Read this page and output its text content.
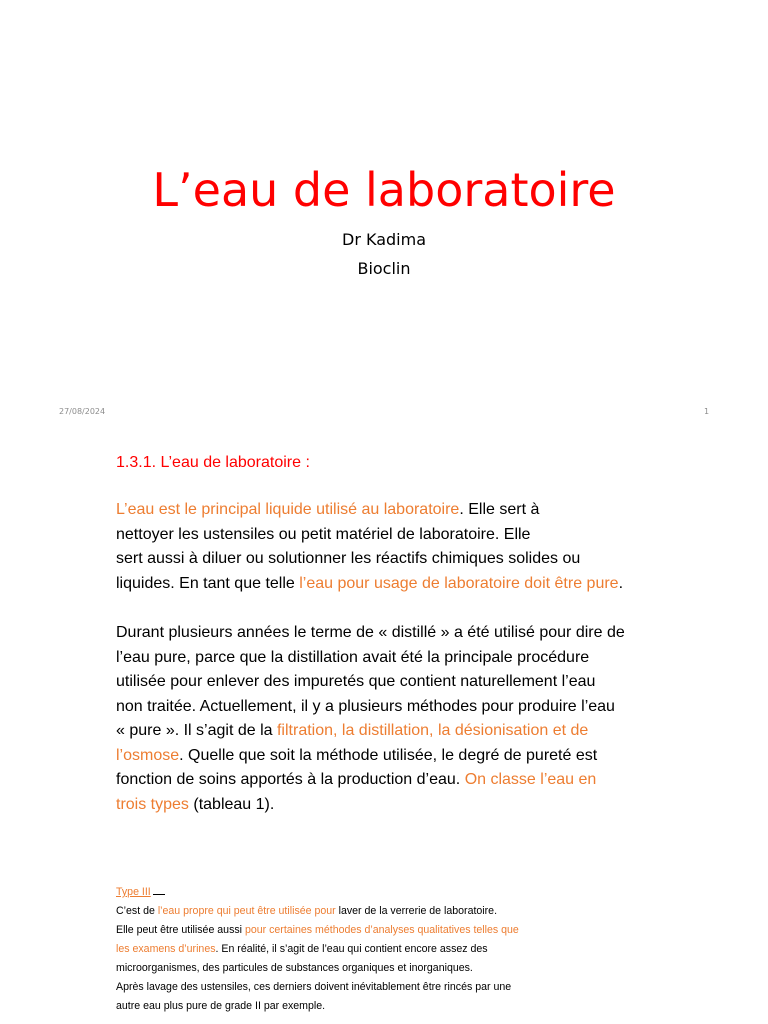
L’eau de laboratoire
Dr Kadima
Bioclin
27/08/2024	1
1.3.1. L’eau de laboratoire :
L’eau est le principal liquide utilisé au laboratoire. Elle sert à
nettoyer les ustensiles ou petit matériel de laboratoire. Elle
sert aussi à diluer ou solutionner les réactifs chimiques solides ou
liquides. En tant que telle l’eau pour usage de laboratoire doit être pure.
Durant plusieurs années le terme de « distillé » a été utilisé pour dire de
l’eau pure, parce que la distillation avait été la principale procédure
utilisée pour enlever des impuretés que contient naturellement l’eau
non traitée. Actuellement, il y a plusieurs méthodes pour produire l’eau
« pure ». Il s’agit de la filtration, la distillation, la désionisation et de
l’osmose. Quelle que soit la méthode utilisée, le degré de pureté est
fonction de soins apportés à la production d’eau. On classe l’eau en
trois types (tableau 1).
Type III
C’est de l’eau propre qui peut être utilisée pour laver de la verrerie de laboratoire.
Elle peut être utilisée aussi pour certaines méthodes d’analyses qualitatives telles que
les examens d’urines. En réalité, il s’agit de l’eau qui contient encore assez des
microorganismes, des particules de substances organiques et inorganiques.
Après lavage des ustensiles, ces derniers doivent inévitablement être rincés par une
autre eau plus pure de grade II par exemple.
